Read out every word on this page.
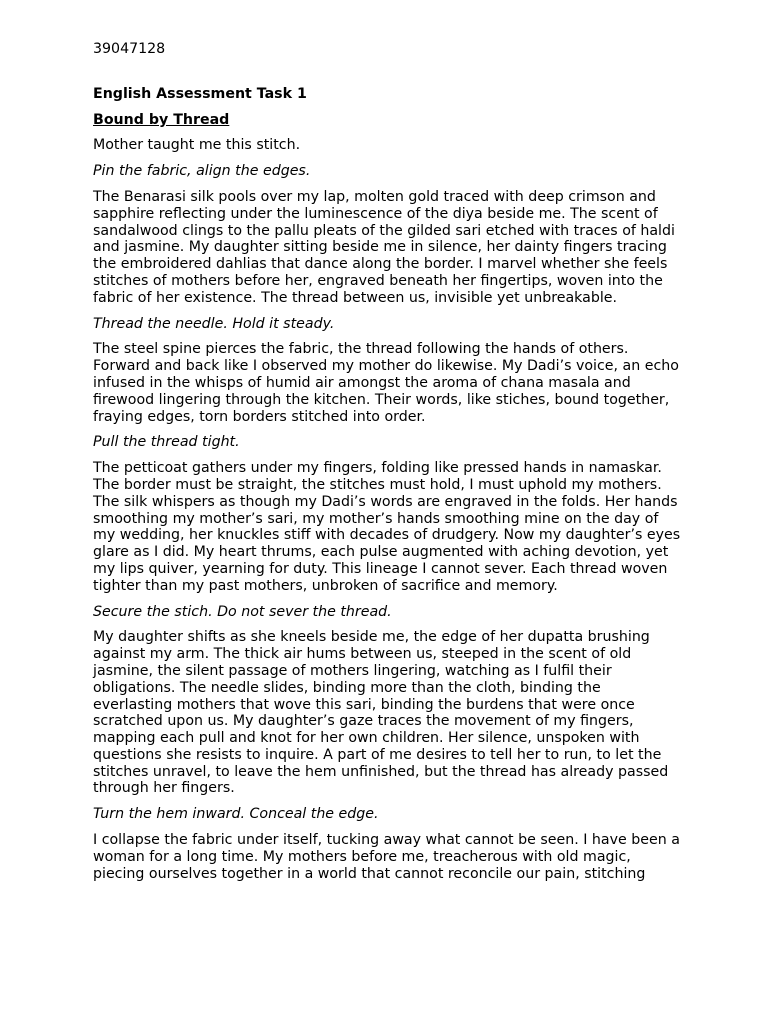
39047128

English Assessment Task 1

Bound by Thread

Mother taught me this stitch.

Pin the fabric, align the edges.

The Benarasi silk pools over my lap, molten gold traced with deep crimson and sapphire reflecting under the luminescence of the diya beside me. The scent of sandalwood clings to the pallu pleats of the gilded sari etched with traces of haldi and jasmine. My daughter sitting beside me in silence, her dainty fingers tracing the embroidered dahlias that dance along the border. I marvel whether she feels stitches of mothers before her, engraved beneath her fingertips, woven into the fabric of her existence. The thread between us, invisible yet unbreakable.

Thread the needle. Hold it steady.

The steel spine pierces the fabric, the thread following the hands of others. Forward and back like I observed my mother do likewise. My Dadi’s voice, an echo infused in the whisps of humid air amongst the aroma of chana masala and firewood lingering through the kitchen. Their words, like stiches, bound together, fraying edges, torn borders stitched into order.

Pull the thread tight.

The petticoat gathers under my fingers, folding like pressed hands in namaskar. The border must be straight, the stitches must hold, I must uphold my mothers. The silk whispers as though my Dadi’s words are engraved in the folds. Her hands smoothing my mother’s sari, my mother’s hands smoothing mine on the day of my wedding, her knuckles stiff with decades of drudgery. Now my daughter’s eyes glare as I did. My heart thrums, each pulse augmented with aching devotion, yet my lips quiver, yearning for duty. This lineage I cannot sever. Each thread woven tighter than my past mothers, unbroken of sacrifice and memory.

Secure the stich. Do not sever the thread.

My daughter shifts as she kneels beside me, the edge of her dupatta brushing against my arm. The thick air hums between us, steeped in the scent of old jasmine, the silent passage of mothers lingering, watching as I fulfil their obligations. The needle slides, binding more than the cloth, binding the everlasting mothers that wove this sari, binding the burdens that were once scratched upon us. My daughter’s gaze traces the movement of my fingers, mapping each pull and knot for her own children. Her silence, unspoken with questions she resists to inquire. A part of me desires to tell her to run, to let the stitches unravel, to leave the hem unfinished, but the thread has already passed through her fingers.

Turn the hem inward. Conceal the edge.

I collapse the fabric under itself, tucking away what cannot be seen. I have been a woman for a long time. My mothers before me, treacherous with old magic, piecing ourselves together in a world that cannot reconcile our pain, stitching
